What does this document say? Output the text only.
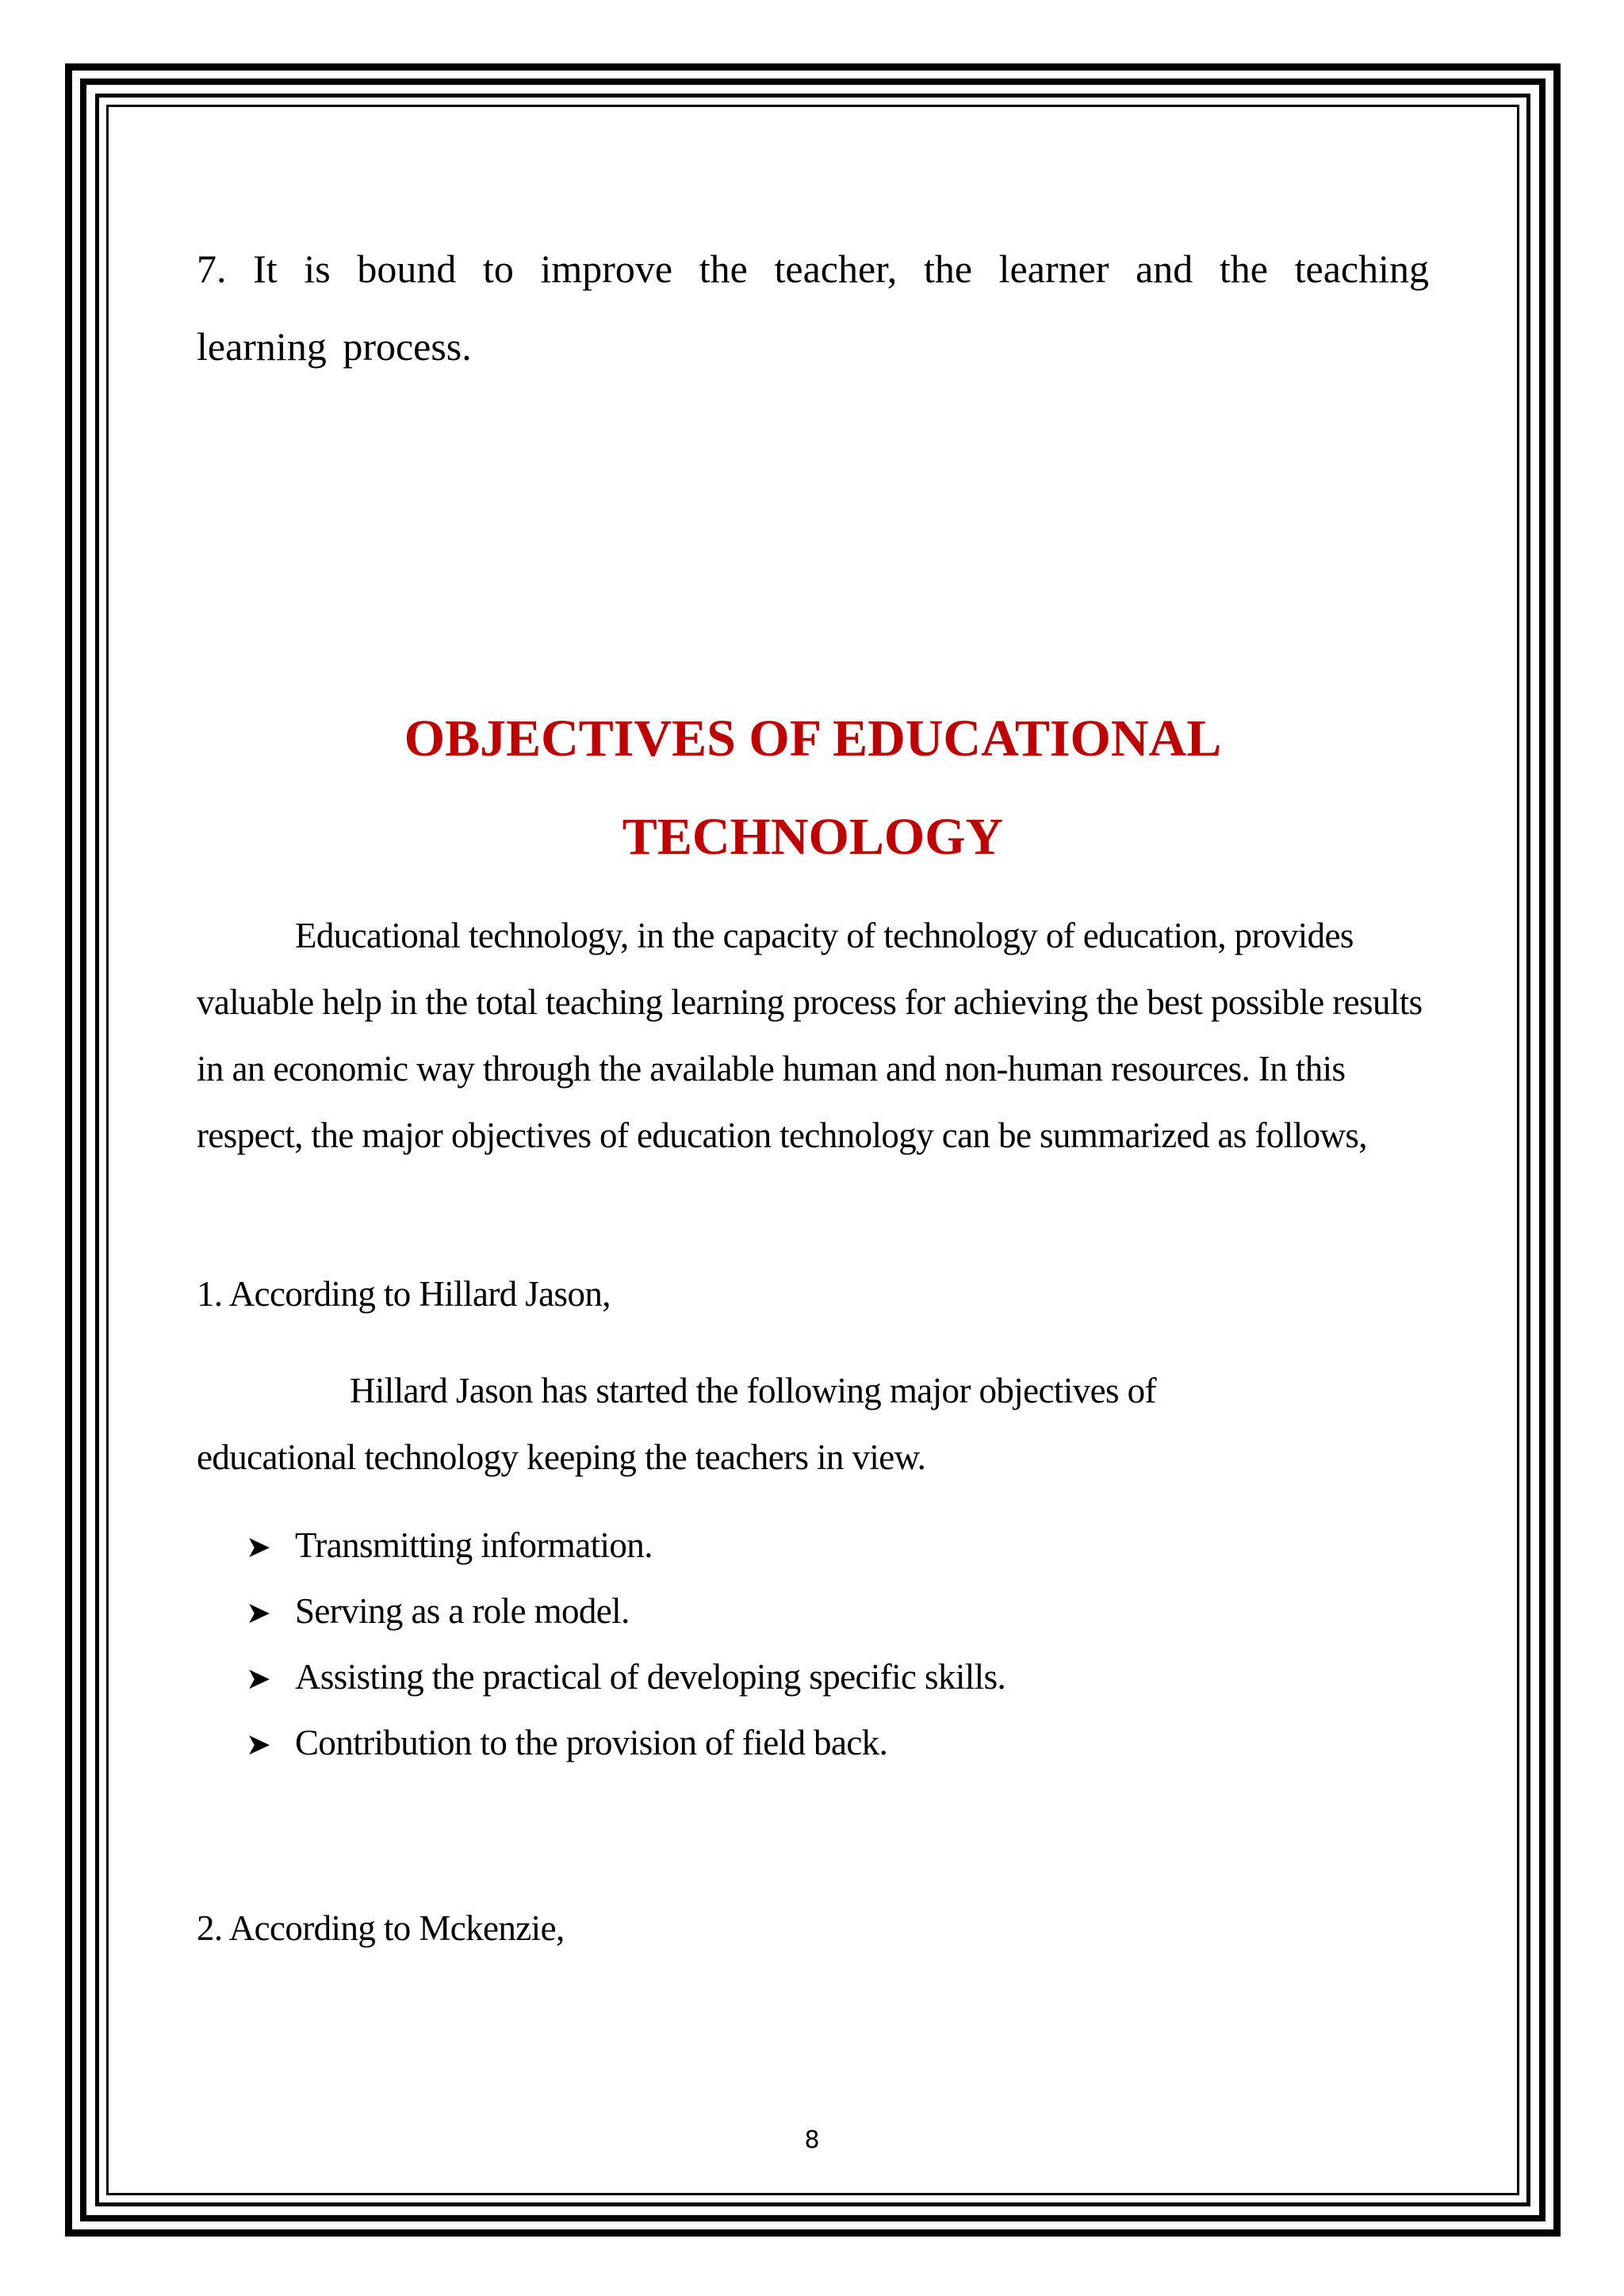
7. It is bound to improve the teacher, the learner and the teaching learning process.

OBJECTIVES OF EDUCATIONAL
TECHNOLOGY

Educational technology, in the capacity of technology of education, provides valuable help in the total teaching learning process for achieving the best possible results in an economic way through the available human and non-human resources. In this respect, the major objectives of education technology can be summarized as follows,

1. According to Hillard Jason,
Hillard Jason has started the following major objectives of
educational technology keeping the teachers in view.
➤ Transmitting information.
➤ Serving as a role model.
➤ Assisting the practical of developing specific skills.
➤ Contribution to the provision of field back.
2. According to Mckenzie,
8
